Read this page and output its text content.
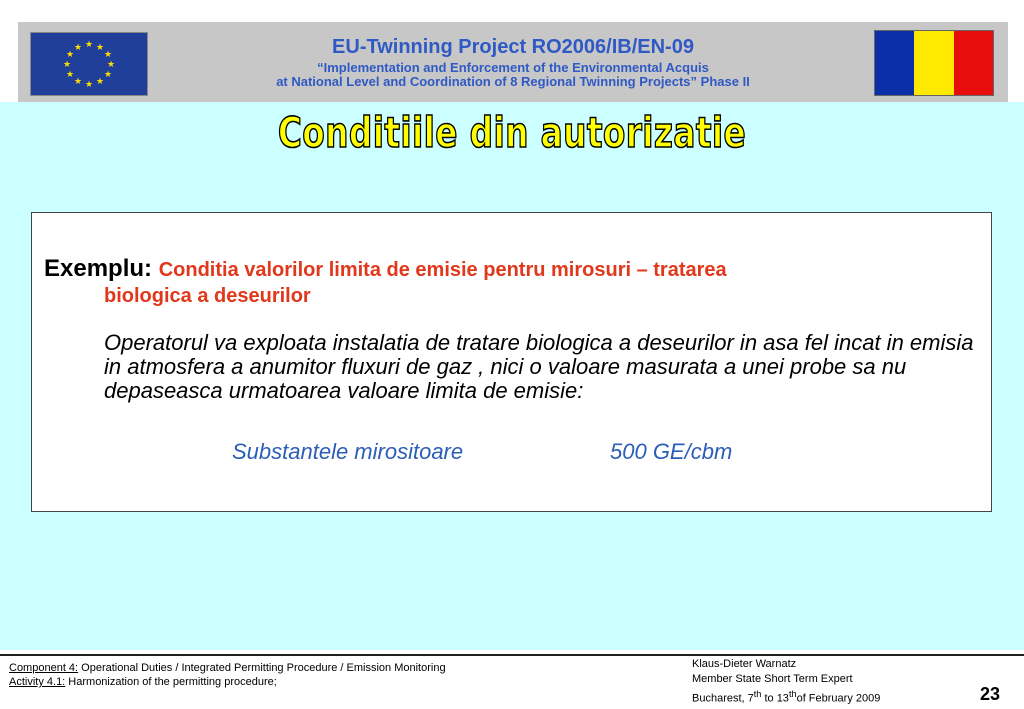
★ ★
★
★
★
★
★
★
★
★
★
★	EU-Twinning Project RO2006/IB/EN-09
“Implementation and Enforcement of the Environmental Acquis
at National Level and Coordination of 8 Regional Twinning Projects” Phase II
Conditiile din autorizatie
Exemplu: Conditia valorilor limita de emisie pentru mirosuri – tratarea
biologica a deseurilor
Operatorul va exploata instalatia de tratare biologica a deseurilor in asa fel incat in emisia in atmosfera a anumitor fluxuri de gaz , nici o valoare masurata a unei probe sa nu depaseasca urmatoarea valoare limita de emisie:
Substantele mirositoare	500 GE/cbm
Component 4: Operational Duties / Integrated Permitting Procedure / Emission Monitoring
Activity 4.1: Harmonization of the permitting procedure;
Klaus-Dieter Warnatz
Member State Short Term Expert
Bucharest, 7th to 13thof February 2009	23
